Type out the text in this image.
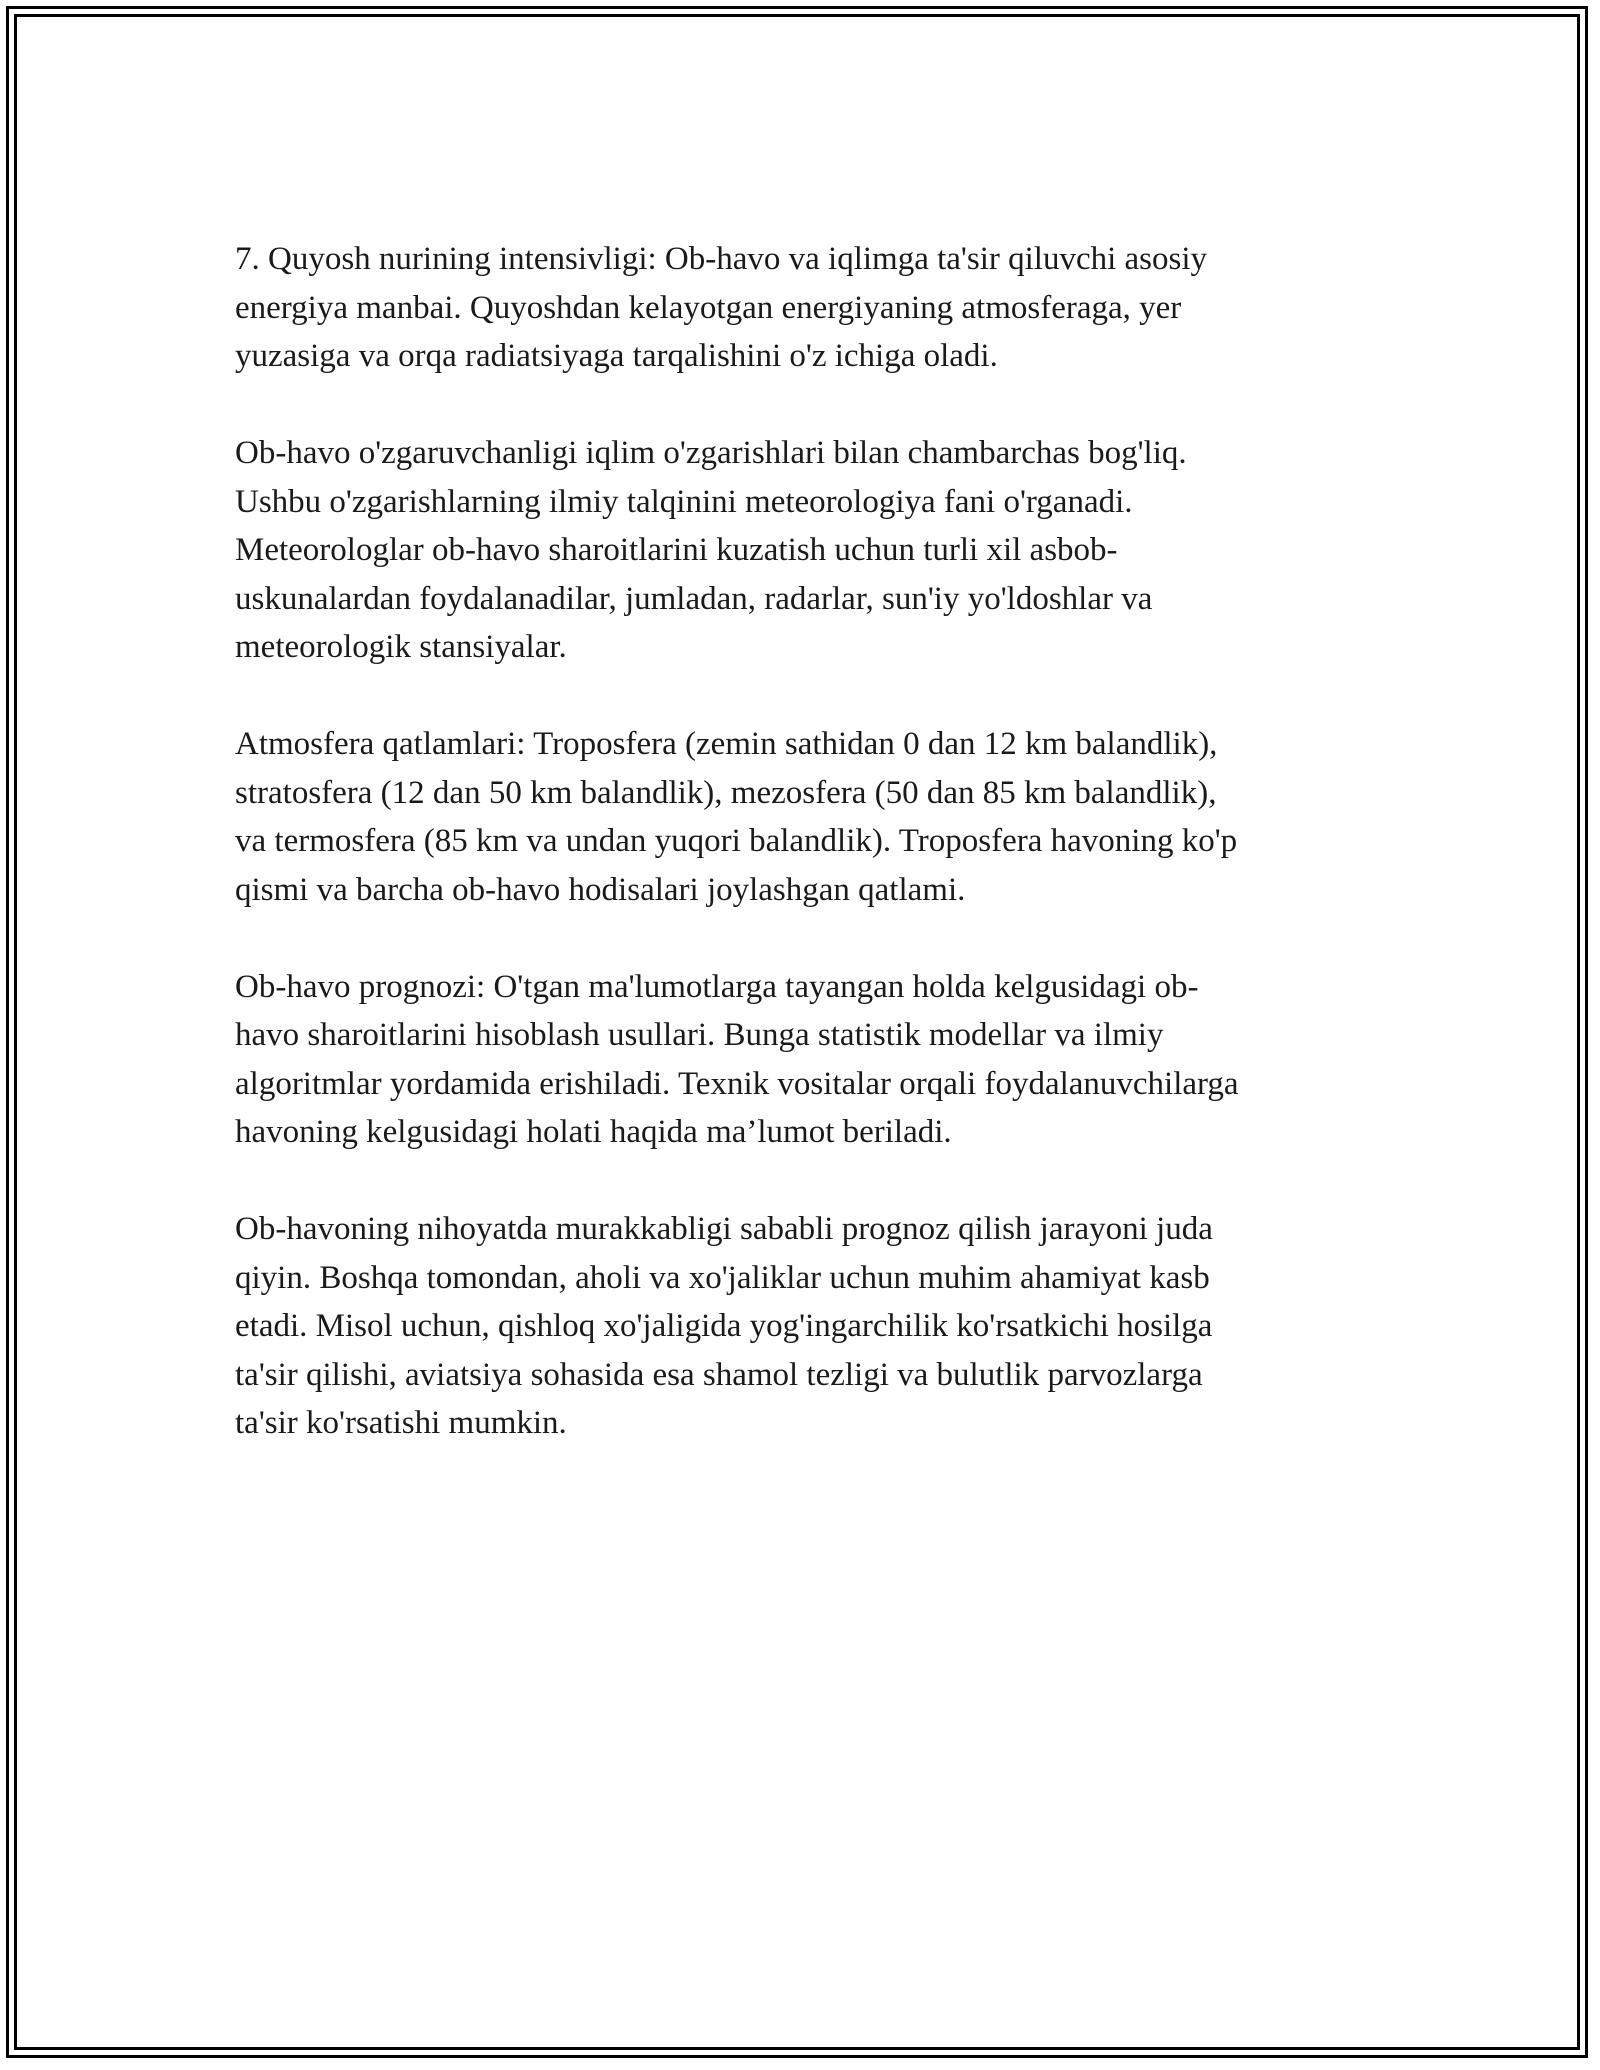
7. Quyosh nurining intensivligi: Ob-havo va iqlimga ta'sir qiluvchi asosiy
energiya manbai. Quyoshdan kelayotgan energiyaning atmosferaga, yer
yuzasiga va orqa radiatsiyaga tarqalishini o'z ichiga oladi.

Ob-havo o'zgaruvchanligi iqlim o'zgarishlari bilan chambarchas bog'liq.
Ushbu o'zgarishlarning ilmiy talqinini meteorologiya fani o'rganadi.
Meteorologlar ob-havo sharoitlarini kuzatish uchun turli xil asbob-
uskunalardan foydalanadilar, jumladan, radarlar, sun'iy yo'ldoshlar va
meteorologik stansiyalar.

Atmosfera qatlamlari: Troposfera (zemin sathidan 0 dan 12 km balandlik),
stratosfera (12 dan 50 km balandlik), mezosfera (50 dan 85 km balandlik),
va termosfera (85 km va undan yuqori balandlik). Troposfera havoning ko'p
qismi va barcha ob-havo hodisalari joylashgan qatlami.

Ob-havo prognozi: O'tgan ma'lumotlarga tayangan holda kelgusidagi ob-
havo sharoitlarini hisoblash usullari. Bunga statistik modellar va ilmiy
algoritmlar yordamida erishiladi. Texnik vositalar orqali foydalanuvchilarga
havoning kelgusidagi holati haqida ma’lumot beriladi.

Ob-havoning nihoyatda murakkabligi sababli prognoz qilish jarayoni juda
qiyin. Boshqa tomondan, aholi va xo'jaliklar uchun muhim ahamiyat kasb
etadi. Misol uchun, qishloq xo'jaligida yog'ingarchilik ko'rsatkichi hosilga
ta'sir qilishi, aviatsiya sohasida esa shamol tezligi va bulutlik parvozlarga
ta'sir ko'rsatishi mumkin.
